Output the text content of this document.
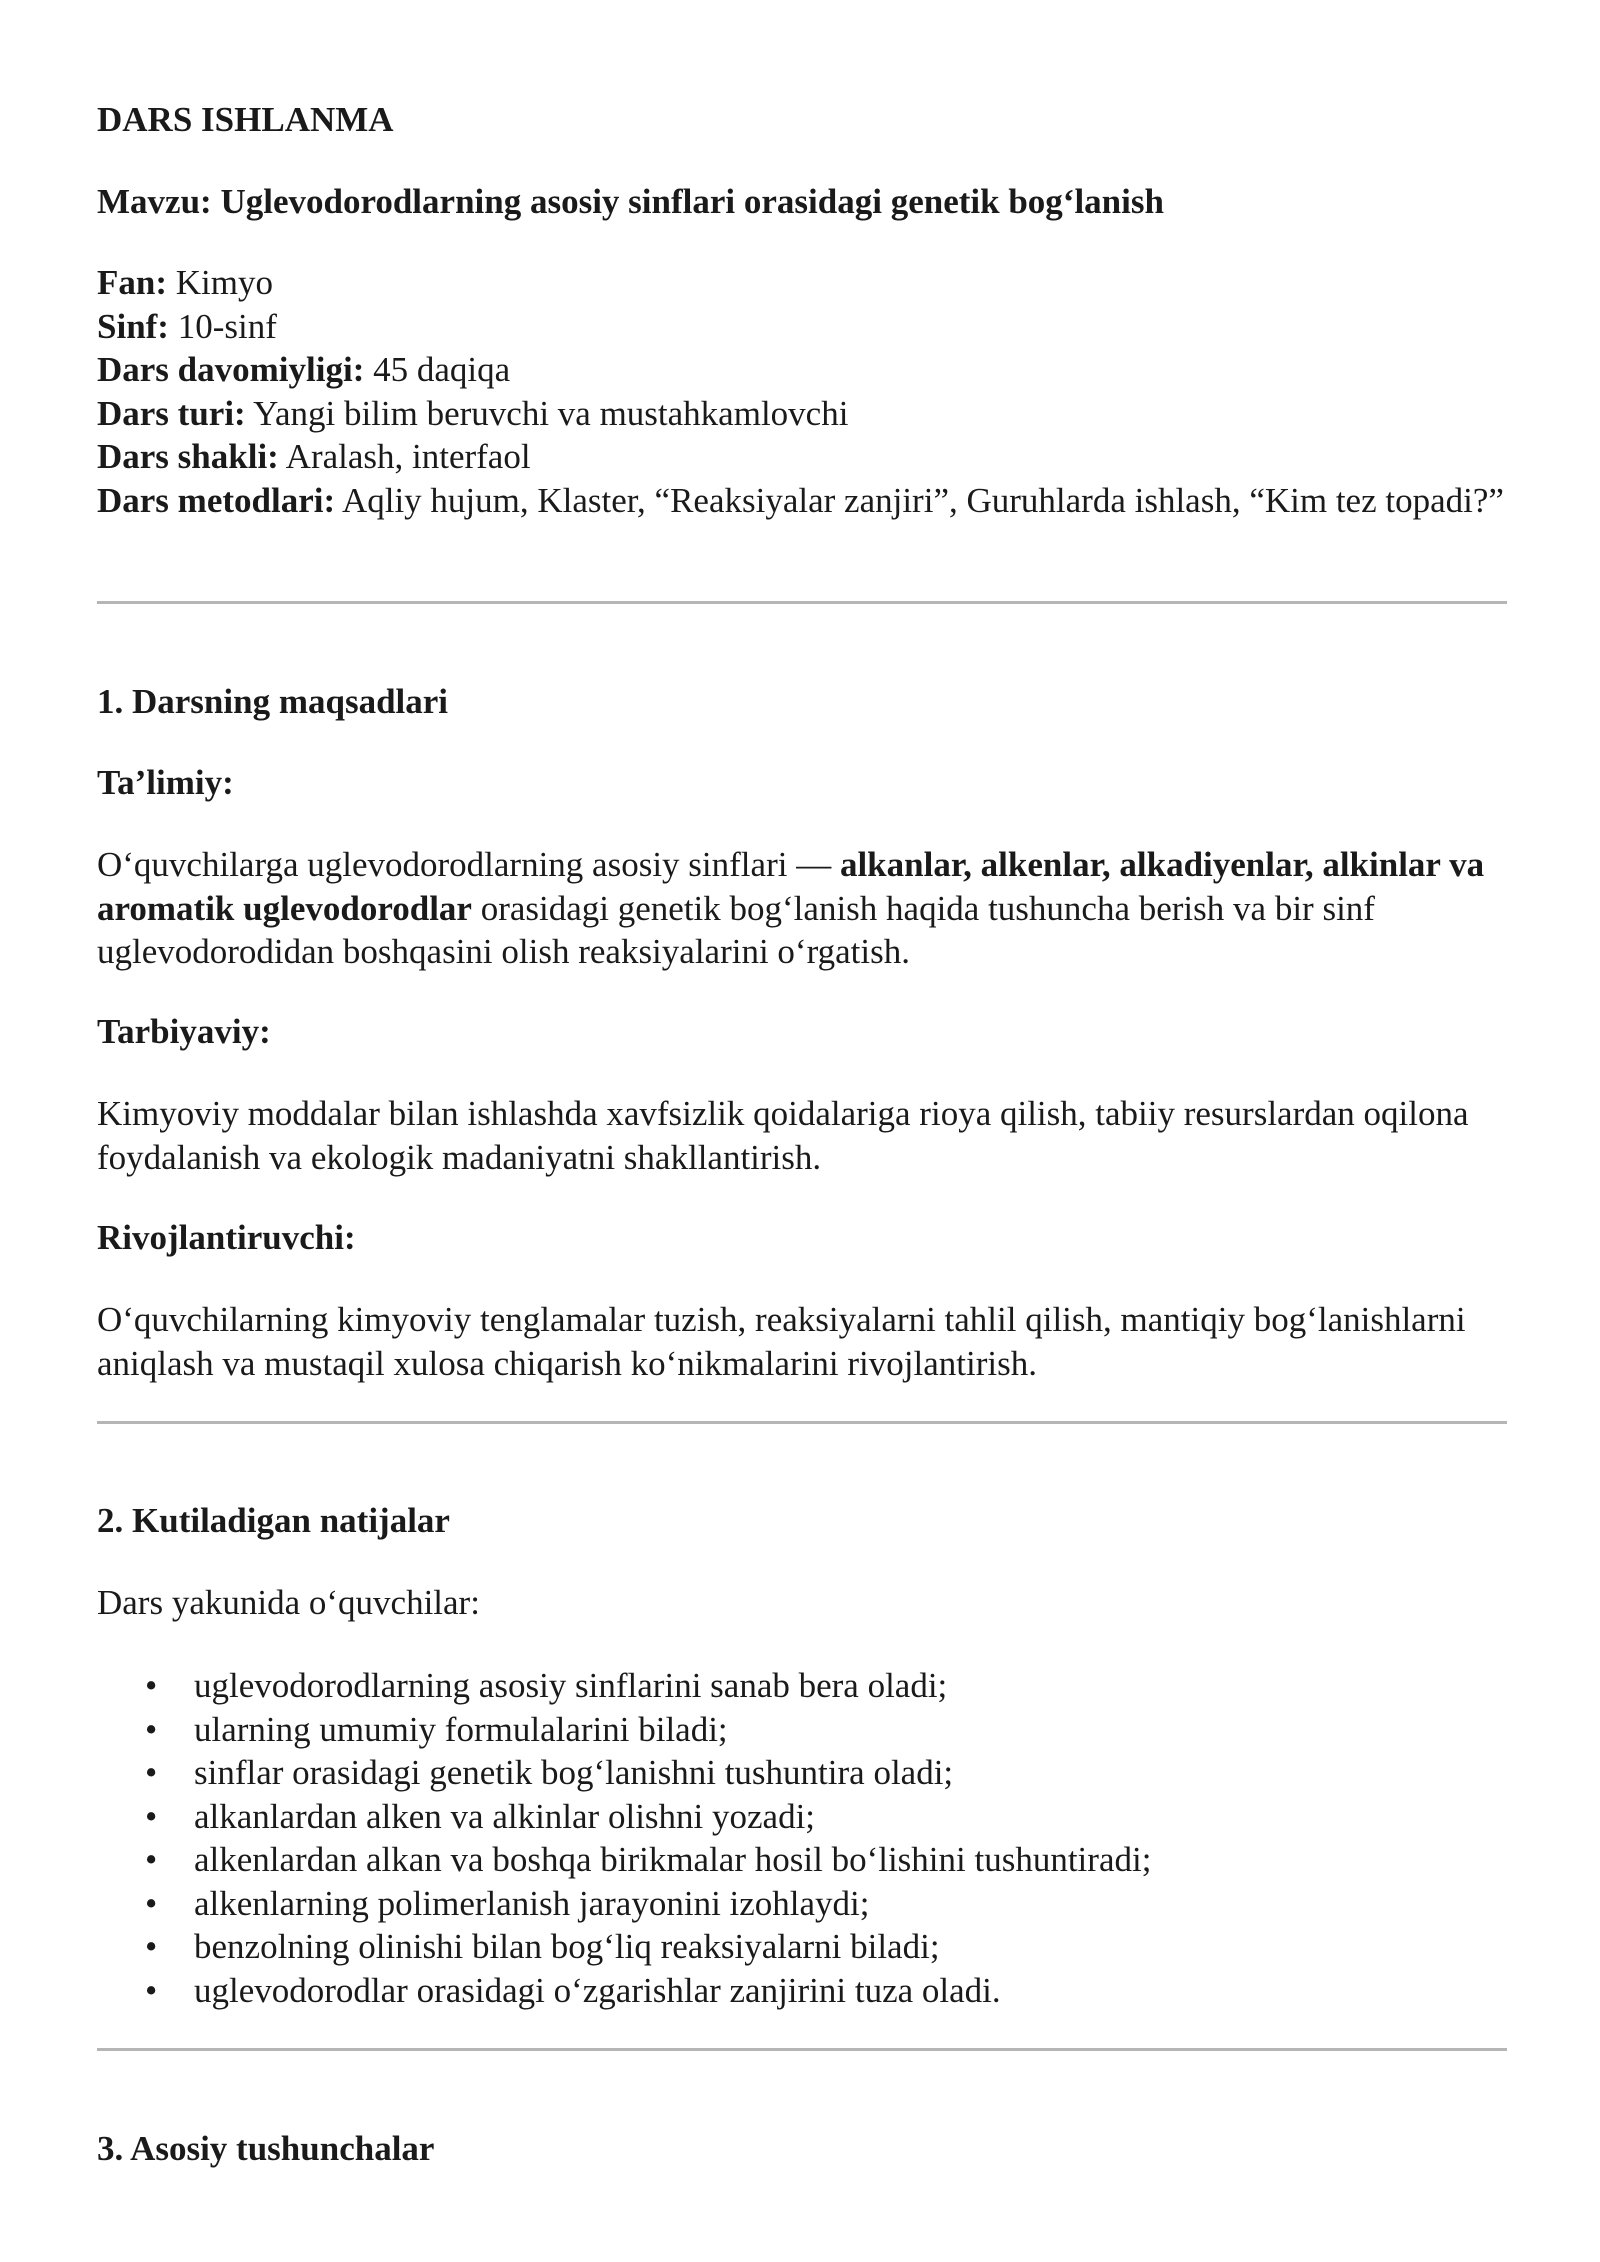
DARS ISHLANMA

Mavzu: Uglevodorodlarning asosiy sinflari orasidagi genetik bog‘lanish

Fan: Kimyo
Sinf: 10-sinf
Dars davomiyligi: 45 daqiqa
Dars turi: Yangi bilim beruvchi va mustahkamlovchi
Dars shakli: Aralash, interfaol
Dars metodlari: Aqliy hujum, Klaster, “Reaksiyalar zanjiri”, Guruhlarda ishlash, “Kim tez topadi?”

1. Darsning maqsadlari

Ta’limiy:

O‘quvchilarga uglevodorodlarning asosiy sinflari — alkanlar, alkenlar, alkadiyenlar, alkinlar va aromatik uglevodorodlar orasidagi genetik bog‘lanish haqida tushuncha berish va bir sinf uglevodorodidan boshqasini olish reaksiyalarini o‘rgatish.

Tarbiyaviy:

Kimyoviy moddalar bilan ishlashda xavfsizlik qoidalariga rioya qilish, tabiiy resurslardan oqilona foydalanish va ekologik madaniyatni shakllantirish.

Rivojlantiruvchi:

O‘quvchilarning kimyoviy tenglamalar tuzish, reaksiyalarni tahlil qilish, mantiqiy bog‘lanishlarni aniqlash va mustaqil xulosa chiqarish ko‘nikmalarini rivojlantirish.

2. Kutiladigan natijalar

Dars yakunida o‘quvchilar:

• uglevodorodlarning asosiy sinflarini sanab bera oladi;
• ularning umumiy formulalarini biladi;
• sinflar orasidagi genetik bog‘lanishni tushuntira oladi;
• alkanlardan alken va alkinlar olishni yozadi;
• alkenlardan alkan va boshqa birikmalar hosil bo‘lishini tushuntiradi;
• alkenlarning polimerlanish jarayonini izohlaydi;
• benzolning olinishi bilan bog‘liq reaksiyalarni biladi;
• uglevodorodlar orasidagi o‘zgarishlar zanjirini tuza oladi.

3. Asosiy tushunchalar
